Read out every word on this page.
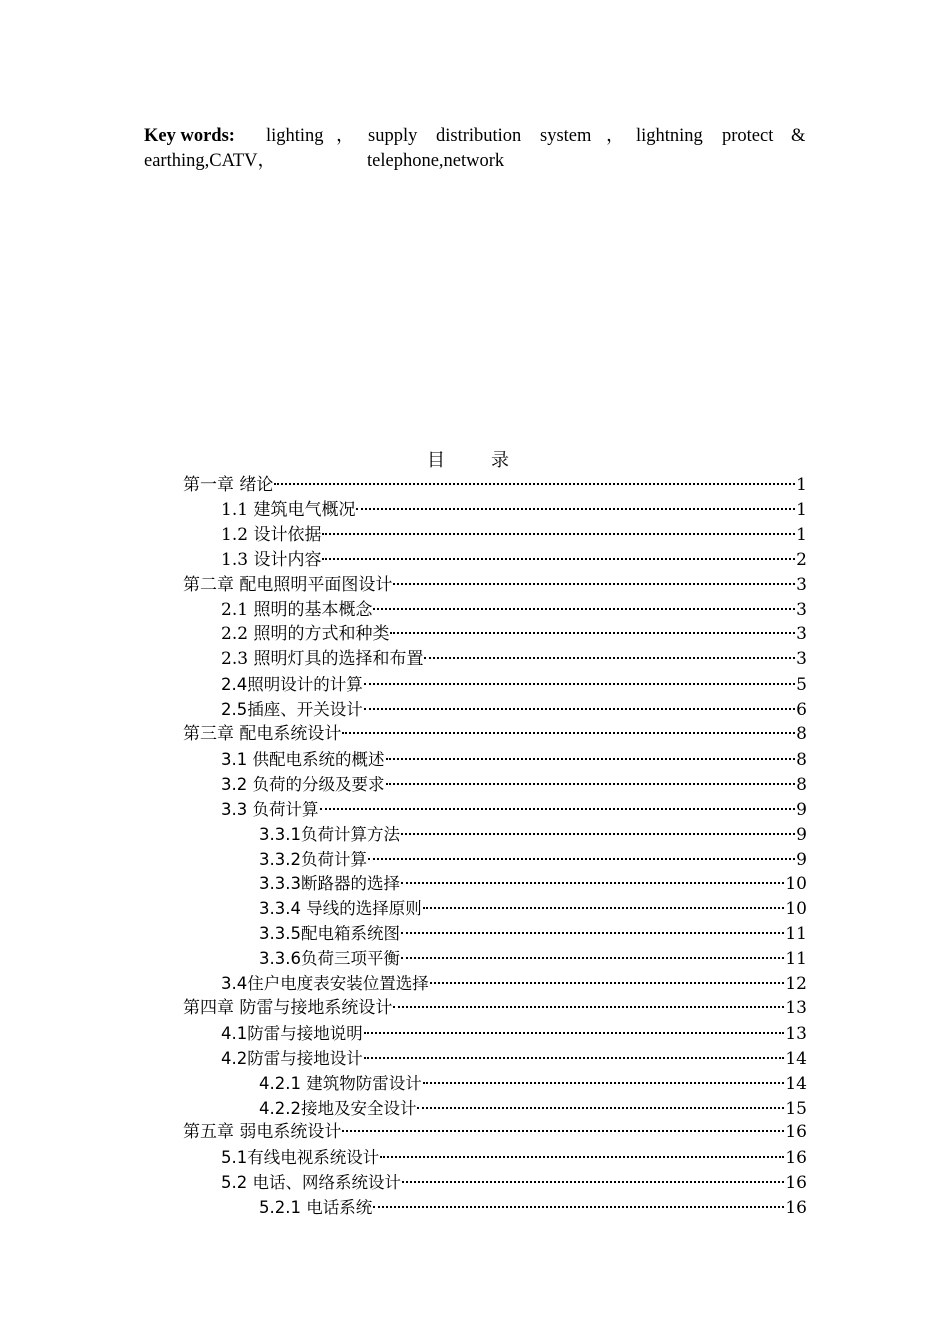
Key words: lighting ， supply distribution system ， lightning protect &
earthing,CATV，	telephone,network
目　录
第一章 绪论	1
1.1 建筑电气概况	1
1.2 设计依据	1
1.3 设计内容	2
第二章 配电照明平面图设计	3
2.1 照明的基本概念	3
2.2 照明的方式和种类	3
2.3 照明灯具的选择和布置	3
2.4照明设计的计算	5
2.5插座、开关设计	6
第三章 配电系统设计	8
3.1 供配电系统的概述	8
3.2 负荷的分级及要求	8
3.3 负荷计算	9
3.3.1负荷计算方法	9
3.3.2负荷计算	9
3.3.3断路器的选择	10
3.3.4 导线的选择原则	10
3.3.5配电箱系统图	11
3.3.6负荷三项平衡	11
3.4住户电度表安装位置选择	12
第四章 防雷与接地系统设计	13
4.1防雷与接地说明	13
4.2防雷与接地设计	14
4.2.1 建筑物防雷设计	14
4.2.2接地及安全设计	15
第五章 弱电系统设计	16
5.1有线电视系统设计	16
5.2 电话、网络系统设计	16
5.2.1 电话系统	16
